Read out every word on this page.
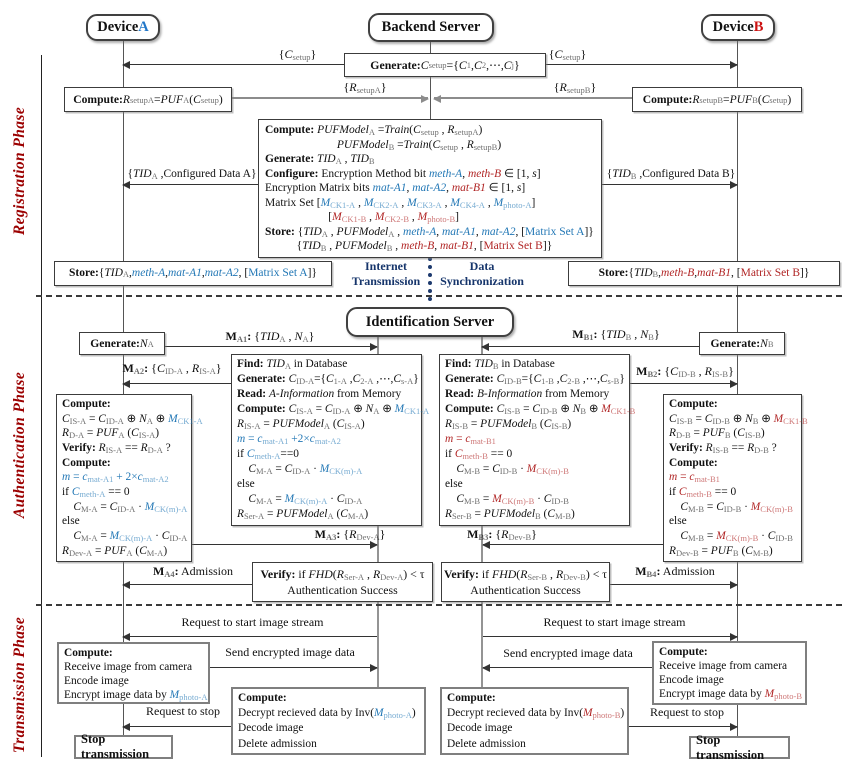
Registration Phase
Authentication Phase
Transmission Phase
Device A	Backend Server	Device B
Identification Server
$\{C_{setup}\}$	$\{C_{setup}\}$
Generate: C setup ={ C 1 , C 2 ,⋯, C j }
Compute: R setupA = PUF A ( C setup )	Compute: R setupB = PUF B ( C setup )
$\{R_{setupA}\}$	$\{R_{setupB}\}$
Compute: PUFModel$_A$ $=Train(C_{setup}$ , $R_{setupA}$)
PUFModel$_B$ $=Train(C_{setup}$ , $R_{setupB}$)
Generate: $TID_A$ , $TID_B$
Configure: Encryption Method bit meth-A, meth-B ∈ [1, s]
Encryption Matrix bits mat-A1, mat-A2, mat-B1 ∈ [1, s]
Matrix Set [$M_{CK1-A}$ , $M_{CK2-A}$ , $M_{CK3-A}$ , $M_{CK4-A}$ , $M_{photo-A}$]
[$M_{CK1-B}$ , $M_{CK2-B}$ , $M_{photo-B}$]
Store: {$TID_A$ , PUFModel$_A$ , meth-A, mat-A1, mat-A2, [Matrix Set A]}
{$TID_B$ , PUFModel$_B$ , meth-B, mat-B1, [Matrix Set B]}
{$TID_A$ ,Configured Data A}	{$TID_B$ ,Configured Data B}
Store: { TID A , meth-A , mat-A1 , mat-A2 , [ Matrix Set A ]}	Store: { TID B , meth-B , mat-B1 , [ Matrix Set B ]}
Internet
Transmission
Data
Synchronization
Generate: N A	Generate: N B
$M_{A1}$: {$TID_A$ , $N_A$}	$M_{B1}$: {$TID_B$ , $N_B$}
Find: $TID_A$ in Database
Generate: $C_{ID-A}=\{C_{1-A}$ $,C_{2-A}$ $,\cdots,C_{s-A}$}
Read: A-Information from Memory
Compute: $C_{IS-A} = C_{ID-A}$ ⊕ $N_A$ ⊕ $M_{CK1-A}$
$R_{IS-A}$ = PUFModel$_A$ $(C_{IS-A})$
$m = c_{mat-A1} +2\times c_{mat-A2}$
if $C_{meth-A}==0$
$C_{M-A} = C_{ID-A} \cdot M_{CK(m)-A}$
else
$C_{M-A} = M_{CK(m)-A} \cdot C_{ID-A}$
$R_{Ser-A}$ = PUFModel$_A$ $(C_{M-A})$
Find: $TID_B$ in Database
Generate: $C_{ID-B}=\{C_{1-B}$ $,C_{2-B}$ $,\cdots,C_{s-B}$}
Read: B-Information from Memory
Compute: $C_{IS-B} = C_{ID-B}$ ⊕ $N_B$ ⊕ $M_{CK1-B}$
$R_{IS-B}$ = PUFModel$_B$ $(C_{IS-B})$
$m = c_{mat-B1}$
if $C_{meth-B} == 0$
$C_{M-B} = C_{ID-B} \cdot M_{CK(m)-B}$
else
$C_{M-B} = M_{CK(m)-B} \cdot C_{ID-B}$
$R_{Ser-B}$ = PUFModel$_B$ $(C_{M-B})$
$M_{A2}$: {$C_{ID-A}$ , $R_{IS-A}$}	$M_{B2}$: {$C_{ID-B}$ , $R_{IS-B}$}
Compute:
$C_{IS-A} = C_{ID-A}$ ⊕ $N_A$ ⊕ $M_{CK1-A}$
$R_{D-A} = PUF_A$ $(C_{IS-A})$
Verify: $R_{IS-A} == R_{D-A}$ ?
Compute:
$m = c_{mat-A1} + 2\times c_{mat-A2}$
if $C_{meth-A} == 0$
$C_{M-A} = C_{ID-A} \cdot M_{CK(m)-A}$
else
$C_{M-A} = M_{CK(m)-A} \cdot C_{ID-A}$
$R_{Dev-A} = PUF_A$ $(C_{M-A})$
Compute:
$C_{IS-B} = C_{ID-B}$ ⊕ $N_B$ ⊕ $M_{CK1-B}$
$R_{D-B} = PUF_B$ $(C_{IS-B})$
Verify: $R_{IS-B} == R_{D-B}$ ?
Compute:
$m = c_{mat-B1}$
if $C_{meth-B} == 0$
$C_{M-B} = C_{ID-B} \cdot M_{CK(m)-B}$
else
$C_{M-B} = M_{CK(m)-B} \cdot C_{ID-B}$
$R_{Dev-B} = PUF_B$ $(C_{M-B})$
$M_{A3}$: $\{R_{Dev-A}\}$	$M_{B3}$: $\{R_{Dev-B}\}$
Verify: if $FHD(R_{Ser-A}$ , $R_{Dev-A}) < \tau$
Authentication Success
Verify: if $FHD(R_{Ser-B}$ , $R_{Dev-B}) < \tau$
Authentication Success
$M_{A4}$: Admission	$M_{B4}$: Admission
Request to start image stream	Request to start image stream
Compute:
Receive image from camera
Encode image
Encrypt image data by $M_{photo-A}$
Compute:
Receive image from camera
Encode image
Encrypt image data by $M_{photo-B}$
Send encrypted image data	Send encrypted image data
Compute:
Decrypt recieved data by $Inv(M_{photo-A})$
Decode image
Delete admission
Compute:
Decrypt recieved data by $Inv(M_{photo-B})$
Decode image
Delete admission
Request to stop	Request to stop
Stop transmission
Stop transmission
